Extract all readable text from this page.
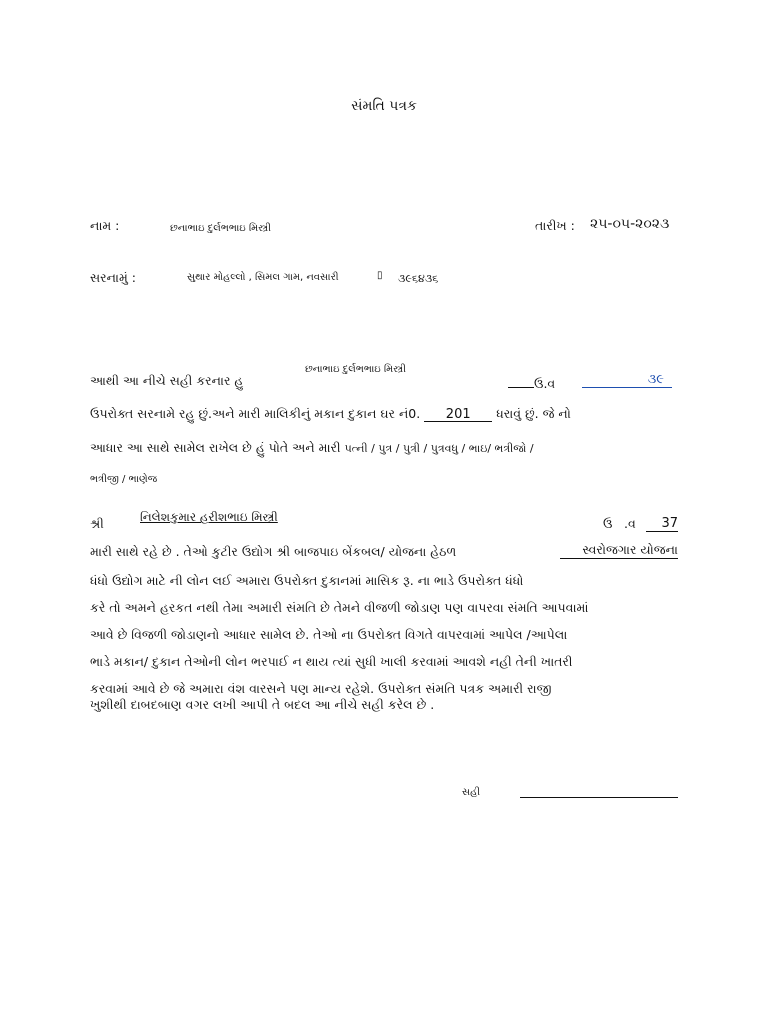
સંમતિ પત્રક
નામ :	છનાભાઇ દુર્લભભાઇ મિસ્ત્રી	તારીખ : ૨૫-૦૫-૨૦૨૩
સરનામું :	સુથાર મોહલ્લો , સિમલ ગામ, નવસારી	▯ ૩૯૬૪૩૬
આથી આ નીચે સહી કરનાર હુ
છનાભાઇ દુર્લભભાઇ મિસ્ત્રી
ઉ.વ	૩૯
ઉપરોક્ત સરનામે રહુ છું.અને મારી માલિકીનું મકાન દુકાન ઘર નં0. 201 ધરાવું છું. જે નો
આધાર આ સાથે સામેલ રાખેલ છે હું પોતે અને મારી પત્ની / પુત્ર / પુત્રી / પુત્રવધુ / ભાઇ/ ભત્રીજો /
ભત્રીજી / ભાણેજ
શ્રી	નિલેશકુમાર હરીશભાઇ મિસ્ત્રી	ઉ .વ	37
મારી સાથે રહે છે . તેઓ કુટીર ઉદ્યોગ શ્રી બાજપાઇ બેંકબલ/ યોજના હેઠળ	સ્વરોજગાર યોજના
ધંધો ઉદ્યોગ માટે ની લોન લઈ અમારા ઉપરોક્ત દુકાનમાં માસિક રૂ. ના ભાડે ઉપરોક્ત ધંધો
કરે તો અમને હરકત નથી તેમા અમારી સંમતિ છે તેમને વીજળી જોડાણ પણ વાપરવા સંમતિ આપવામાં
આવે છે વિજળી જોડાણનો આધાર સામેલ છે. તેઓ ના ઉપરોક્ત વિગતે વાપરવામાં આપેલ /આપેલા
ભાડે મકાન/ દુકાન તેઓની લોન ભરપાઈ ન થાય ત્યાં સુધી ખાલી કરવામાં આવશે નહી તેની ખાતરી
કરવામાં આવે છે જે અમારા વંશ વારસને પણ માન્ય રહેશે. ઉપરોક્ત સંમતિ પત્રક અમારી રાજી
ખુશીથી દાબદબાણ વગર લખી આપી તે બદલ આ નીચે સહી કરેલ છે .
સહી
